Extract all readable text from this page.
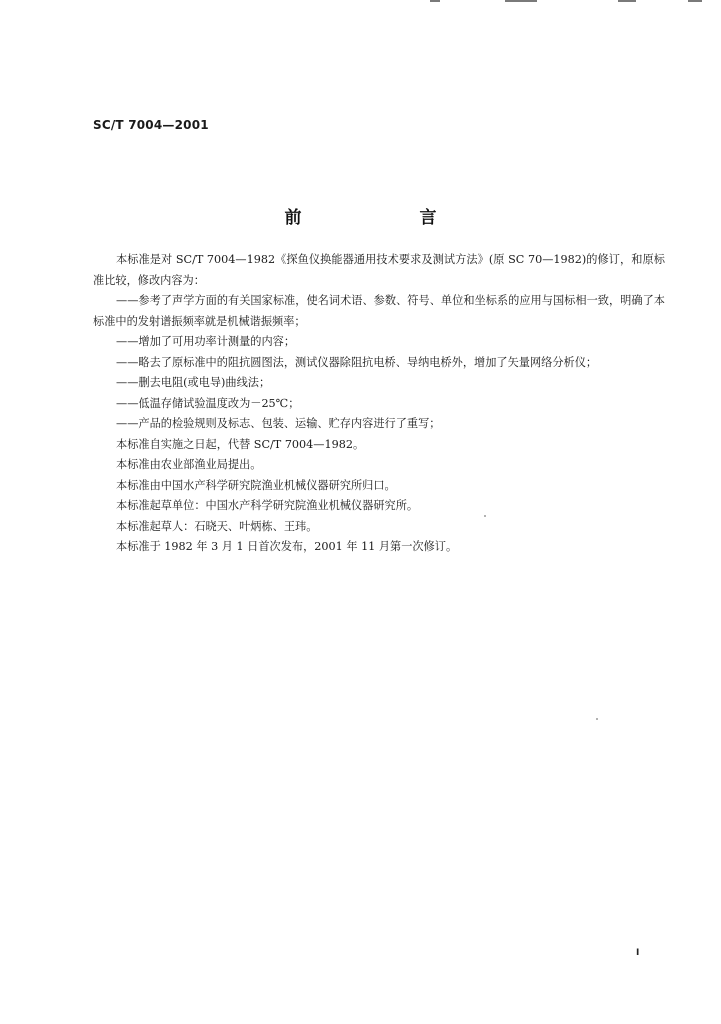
SC/T 7004—2001
前 言

本标准是对 SC/T 7004—1982《探鱼仪换能器通用技术要求及测试方法》(原 SC 70—1982)的修订，和原标准比较，修改内容为：

——参考了声学方面的有关国家标准，使名词术语、参数、符号、单位和坐标系的应用与国标相一致，明确了本标准中的发射谱振频率就是机械谐振频率；

——增加了可用功率计测量的内容；

——略去了原标准中的阻抗圆图法，测试仪器除阻抗电桥、导纳电桥外，增加了矢量网络分析仪；

——删去电阻(或电导)曲线法；

——低温存储试验温度改为－25℃；

——产品的检验规则及标志、包装、运输、贮存内容进行了重写；

本标准自实施之日起，代替 SC/T 7004—1982。

本标准由农业部渔业局提出。

本标准由中国水产科学研究院渔业机械仪器研究所归口。

本标准起草单位：中国水产科学研究院渔业机械仪器研究所。

本标准起草人：石晓天、叶炳栋、王玮。

本标准于 1982 年 3 月 1 日首次发布，2001 年 11 月第一次修订。

I
